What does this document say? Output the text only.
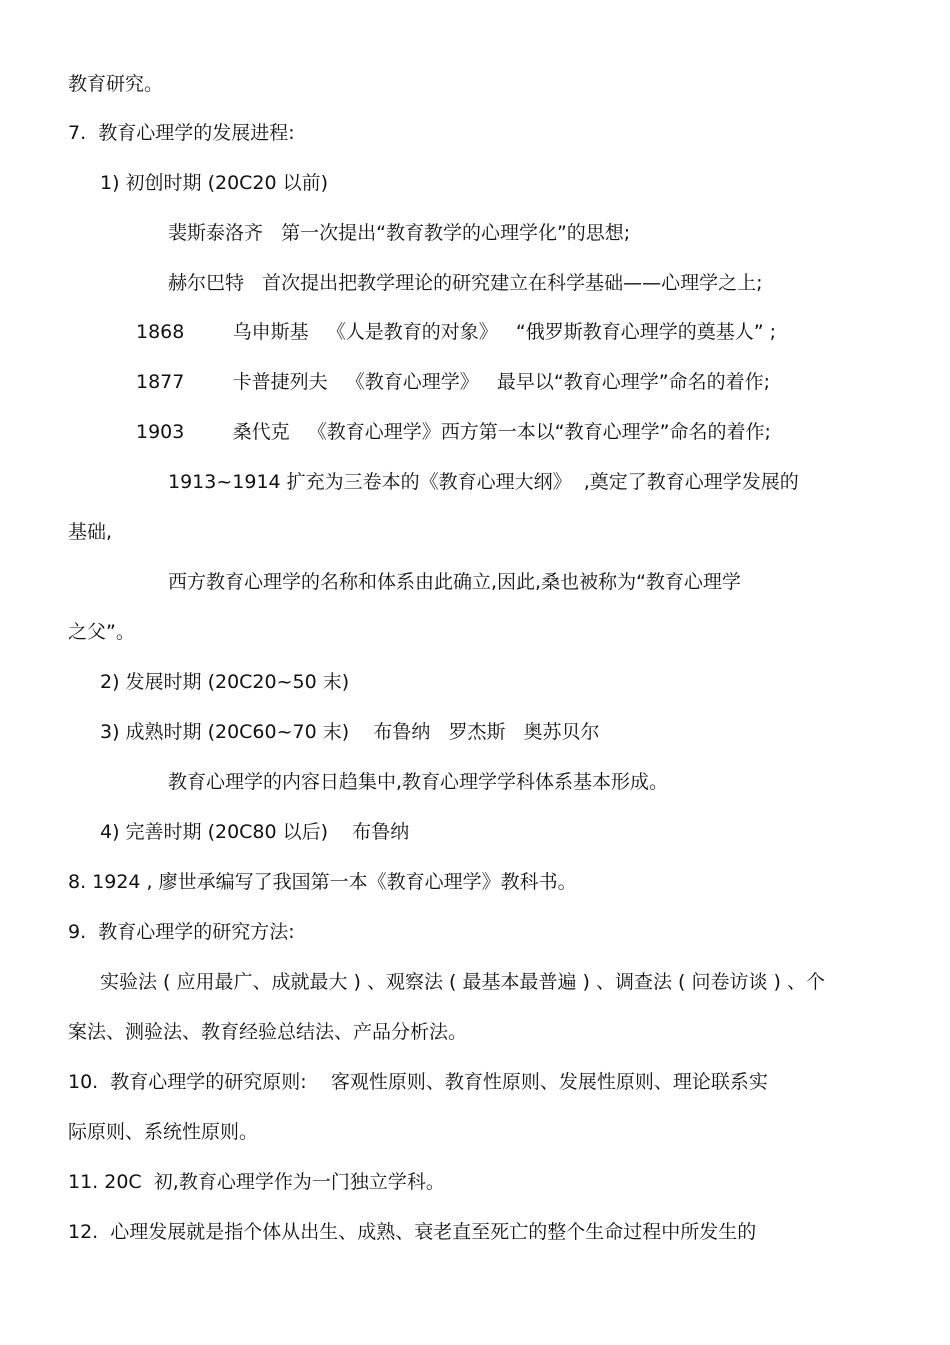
教育研究。

7.  教育心理学的发展进程:

1) 初创时期 (20C20 以前)

裴斯泰洛齐   第一次提出“教育教学的心理学化”的思想;

赫尔巴特   首次提出把教学理论的研究建立在科学基础——心理学之上;

1868        乌申斯基   《人是教育的对象》   “俄罗斯教育心理学的奠基人” ;

1877        卡普捷列夫   《教育心理学》   最早以“教育心理学”命名的着作;

1903        桑代克   《教育心理学》西方第一本以“教育心理学”命名的着作;

1913~1914 扩充为三卷本的《教育心理大纲》  ,奠定了教育心理学发展的

基础,

西方教育心理学的名称和体系由此确立,因此,桑也被称为“教育心理学

之父”。

2) 发展时期 (20C20~50 末)

3) 成熟时期 (20C60~70 末)    布鲁纳   罗杰斯   奥苏贝尔

教育心理学的内容日趋集中,教育心理学学科体系基本形成。

4) 完善时期 (20C80 以后)    布鲁纳

8. 1924 , 廖世承编写了我国第一本《教育心理学》教科书。

9.  教育心理学的研究方法:

实验法 ( 应用最广、成就最大 ) 、观察法 ( 最基本最普遍 ) 、调查法 ( 问卷访谈 ) 、个

案法、测验法、教育经验总结法、产品分析法。

10.  教育心理学的研究原则:    客观性原则、教育性原则、发展性原则、理论联系实

际原则、系统性原则。

11. 20C  初,教育心理学作为一门独立学科。

12.  心理发展就是指个体从出生、成熟、衰老直至死亡的整个生命过程中所发生的
